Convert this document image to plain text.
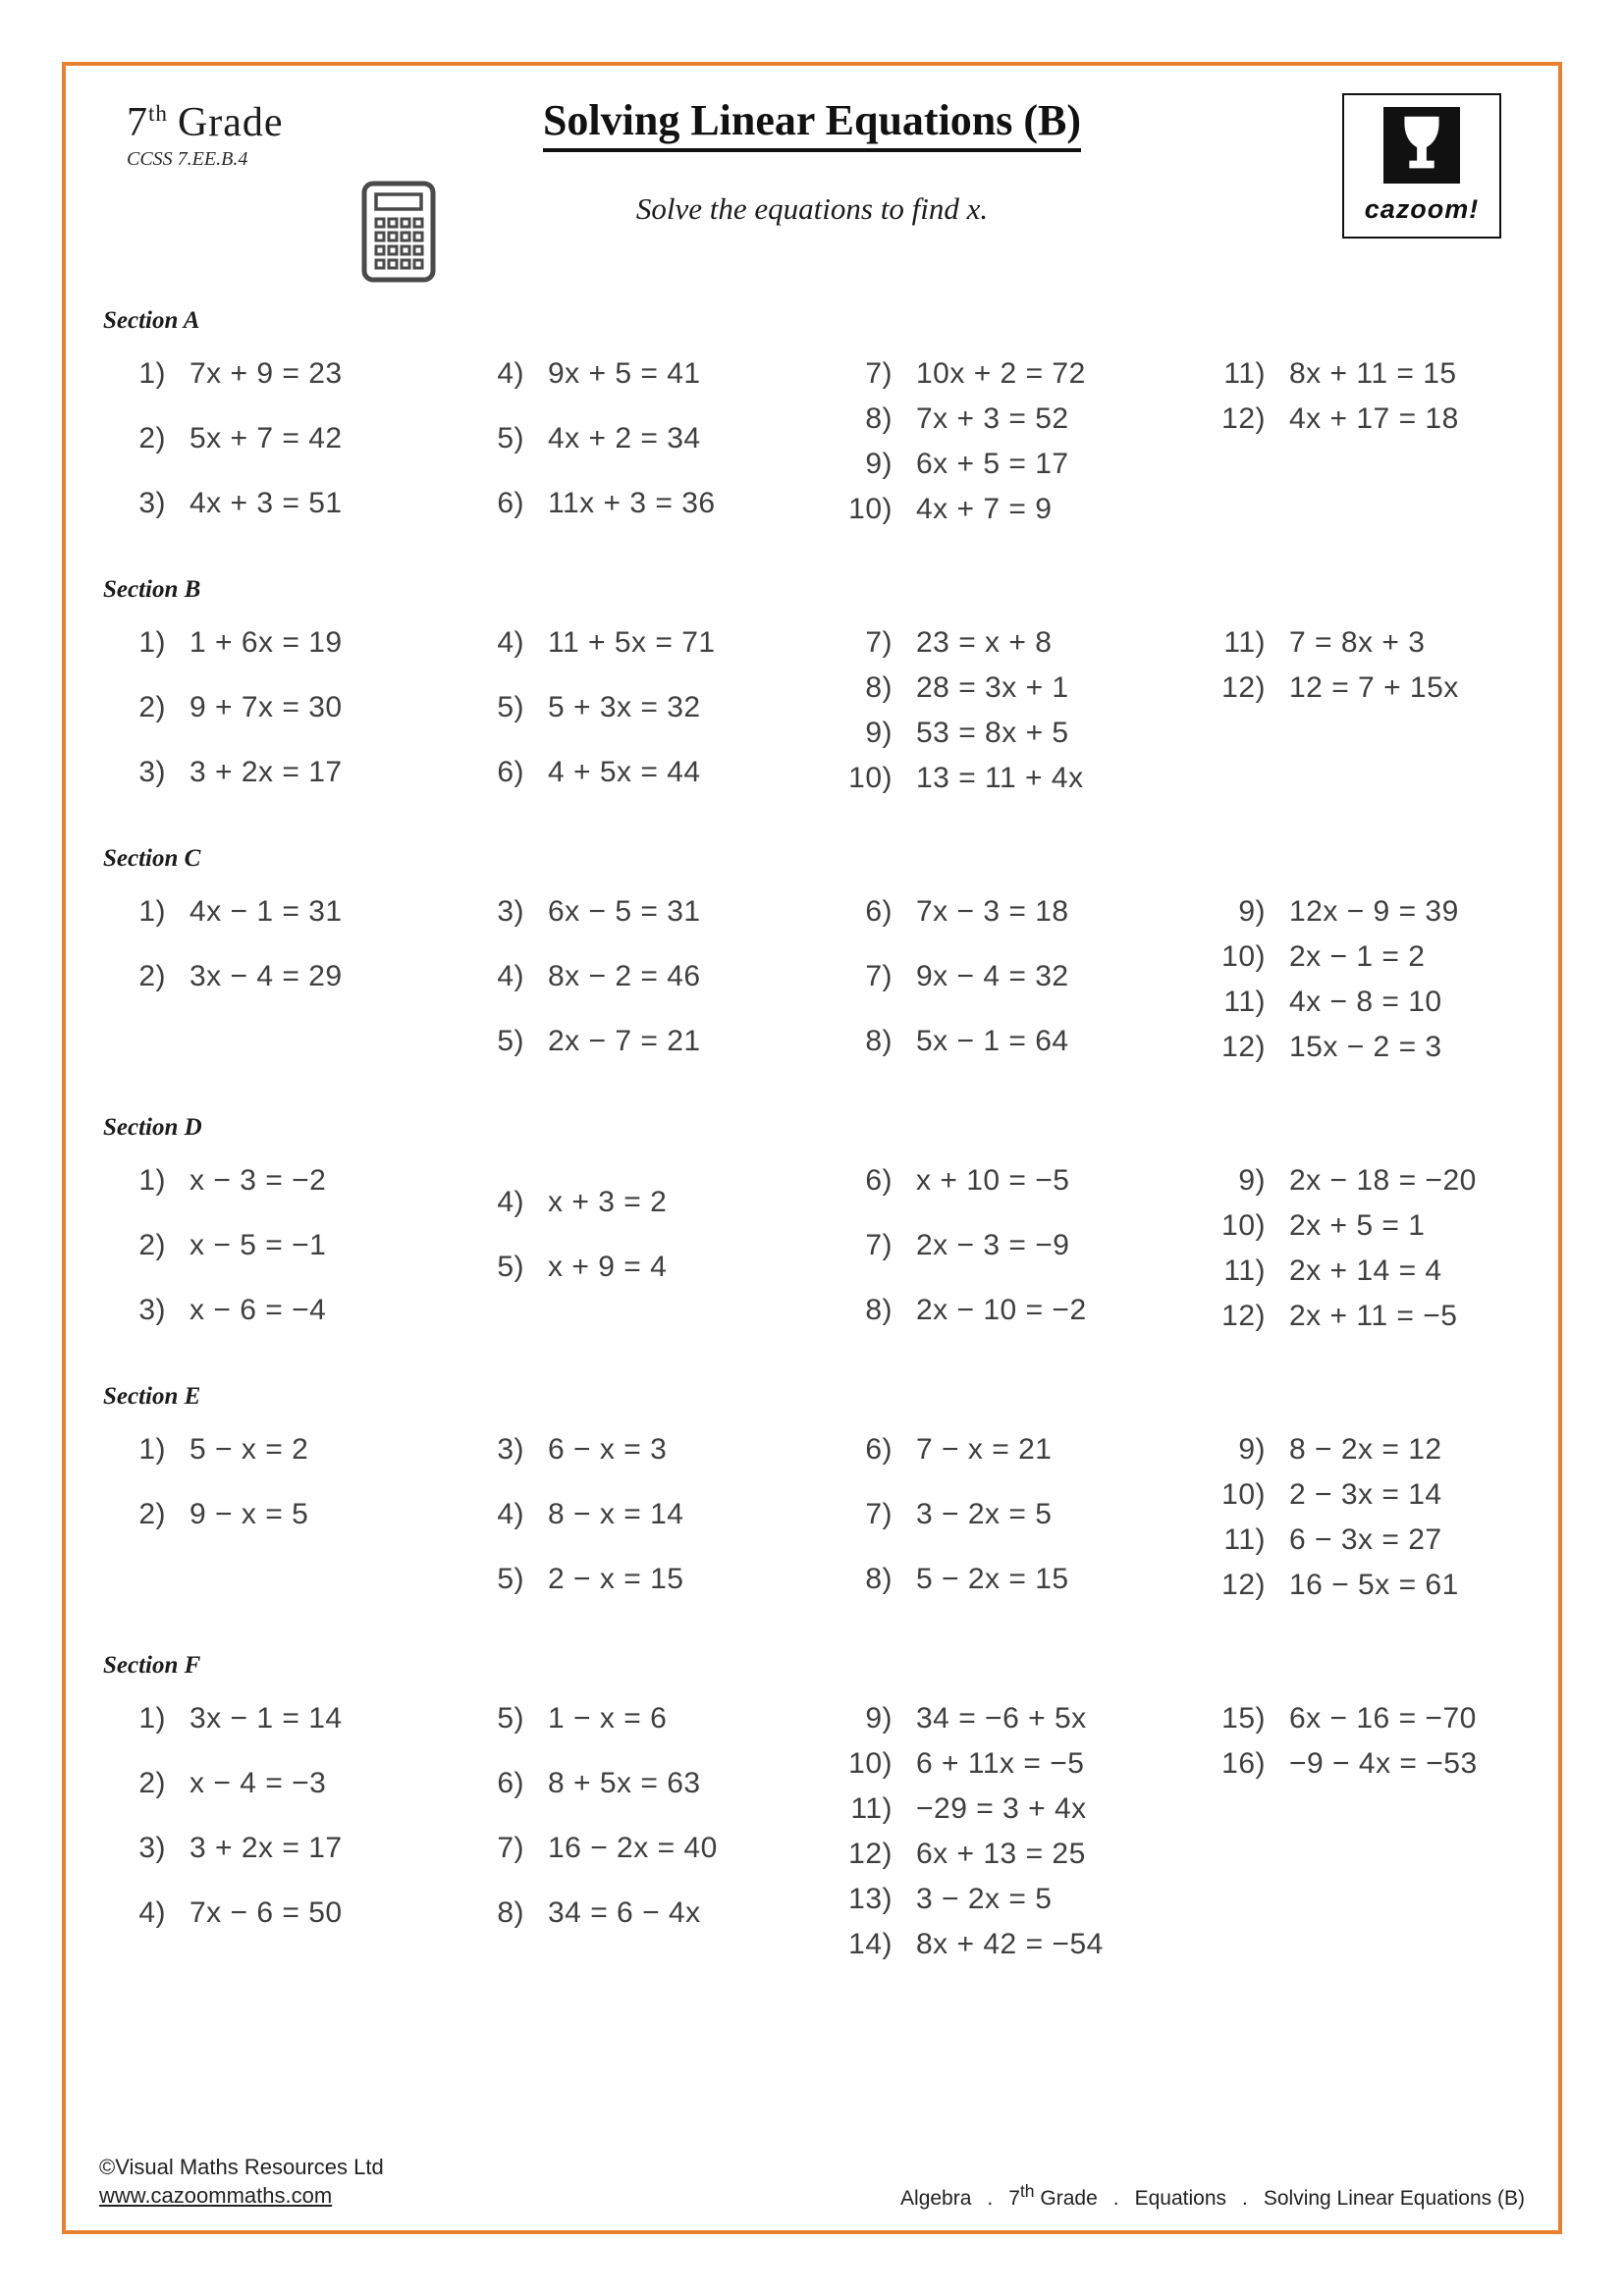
7th Grade
CCSS 7.EE.B.4
Solving Linear Equations (B)
Solve the equations to find x.	cazoom!
Section A
1) 7x + 9 = 23
2) 5x + 7 = 42
3) 4x + 3 = 51
4) 9x + 5 = 41
5) 4x + 2 = 34
6) 11x + 3 = 36
7) 10x + 2 = 72
8) 7x + 3 = 52
9) 6x + 5 = 17
10) 4x + 7 = 9
11) 8x + 11 = 15
12) 4x + 17 = 18
Section B
1) 1 + 6x = 19
2) 9 + 7x = 30
3) 3 + 2x = 17
4) 11 + 5x = 71
5) 5 + 3x = 32
6) 4 + 5x = 44
7) 23 = x + 8
8) 28 = 3x + 1
9) 53 = 8x + 5
10) 13 = 11 + 4x
11) 7 = 8x + 3
12) 12 = 7 + 15x
Section C
1) 4x − 1 = 31
2) 3x − 4 = 29
3) 6x − 5 = 31
4) 8x − 2 = 46
5) 2x − 7 = 21
6) 7x − 3 = 18
7) 9x − 4 = 32
8) 5x − 1 = 64
9) 12x − 9 = 39
10) 2x − 1 = 2
11) 4x − 8 = 10
12) 15x − 2 = 3
Section D
1) x − 3 = −2
2) x − 5 = −1
3) x − 6 = −4
4) x + 3 = 2
5) x + 9 = 4
6) x + 10 = −5
7) 2x − 3 = −9
8) 2x − 10 = −2
9) 2x − 18 = −20
10) 2x + 5 = 1
11) 2x + 14 = 4
12) 2x + 11 = −5
Section E
1) 5 − x = 2
2) 9 − x = 5
3) 6 − x = 3
4) 8 − x = 14
5) 2 − x = 15
6) 7 − x = 21
7) 3 − 2x = 5
8) 5 − 2x = 15
9) 8 − 2x = 12
10) 2 − 3x = 14
11) 6 − 3x = 27
12) 16 − 5x = 61
Section F
1) 3x − 1 = 14
2) x − 4 = −3
3) 3 + 2x = 17
4) 7x − 6 = 50
5) 1 − x = 6
6) 8 + 5x = 63
7) 16 − 2x = 40
8) 34 = 6 − 4x
9) 34 = −6 + 5x
10) 6 + 11x = −5
11) −29 = 3 + 4x
12) 6x + 13 = 25
13) 3 − 2x = 5
14) 8x + 42 = −54
15) 6x − 16 = −70
16) −9 − 4x = −53
©Visual Maths Resources Ltd
www.cazoommaths.com	Algebra . 7th Grade . Equations . Solving Linear Equations (B)
